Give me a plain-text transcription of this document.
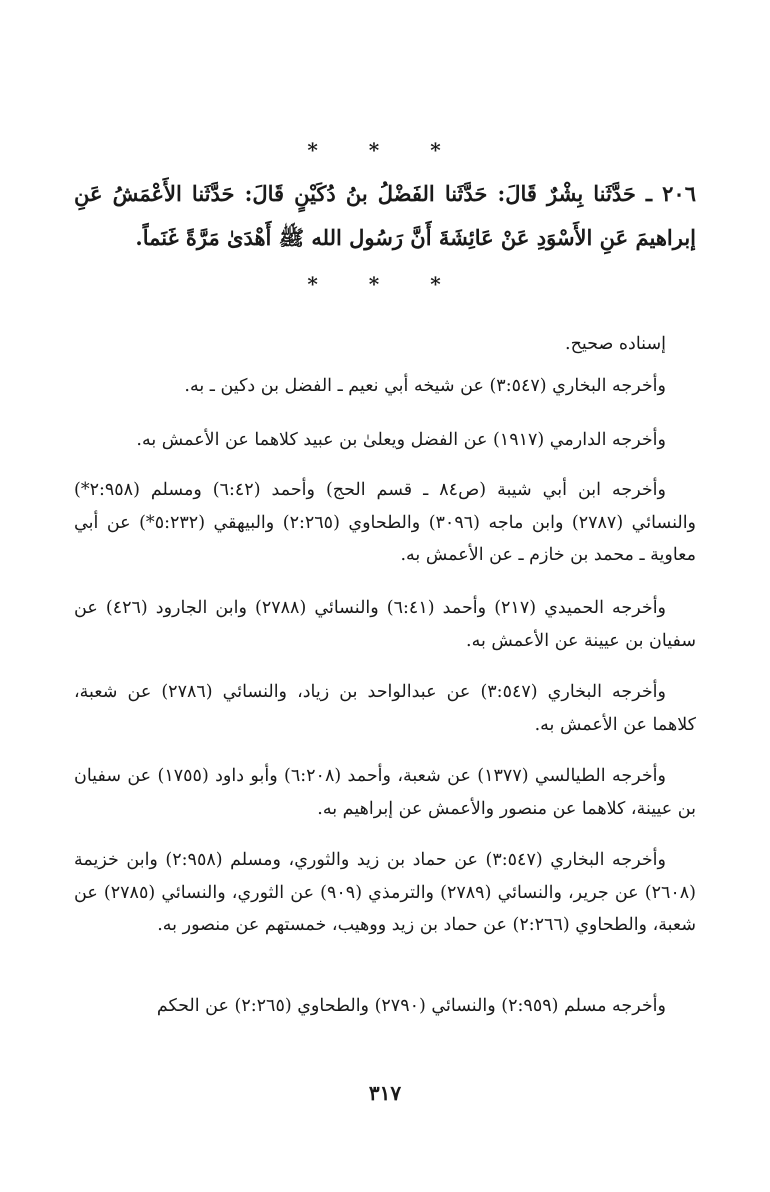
* * *
٢٠٦ ـ حَدَّثَنا بِشْرٌ قَالَ: حَدَّثَنا الفَضْلُ بنُ دُكَيْنٍ قَالَ: حَدَّثَنا الأَعْمَشُ عَنِ إبراهيمَ عَنِ الأَسْوَدِ عَنْ عَائِشَةَ أَنَّ رَسُول الله ﷺ أَهْدَىٰ مَرَّةً غَنَماً.
* * *

إسناده صحيح.

وأخرجه البخاري (٣:٥٤٧) عن شيخه أبي نعيم ـ الفضل بن دكين ـ به.

وأخرجه الدارمي (١٩١٧) عن الفضل ويعلىٰ بن عبيد كلاهما عن الأعمش به.

وأخرجه ابن أبي شيبة (ص٨٤ ـ قسم الحج) وأحمد (٦:٤٢) ومسلم (٢:٩٥٨*) والنسائي (٢٧٨٧) وابن ماجه (٣٠٩٦) والطحاوي (٢:٢٦٥) والبيهقي (٥:٢٣٢*) عن أبي معاوية ـ محمد بن خازم ـ عن الأعمش به.

وأخرجه الحميدي (٢١٧) وأحمد (٦:٤١) والنسائي (٢٧٨٨) وابن الجارود (٤٢٦) عن سفيان بن عيينة عن الأعمش به.

وأخرجه البخاري (٣:٥٤٧) عن عبدالواحد بن زياد، والنسائي (٢٧٨٦) عن شعبة، كلاهما عن الأعمش به.

وأخرجه الطيالسي (١٣٧٧) عن شعبة، وأحمد (٦:٢٠٨) وأبو داود (١٧٥٥) عن سفيان بن عيينة، كلاهما عن منصور والأعمش عن إبراهيم به.

وأخرجه البخاري (٣:٥٤٧) عن حماد بن زيد والثوري، ومسلم (٢:٩٥٨) وابن خزيمة (٢٦٠٨) عن جرير، والنسائي (٢٧٨٩) والترمذي (٩٠٩) عن الثوري، والنسائي (٢٧٨٥) عن شعبة، والطحاوي (٢:٢٦٦) عن حماد بن زيد ووهيب، خمستهم عن منصور به.

وأخرجه مسلم (٢:٩٥٩) والنسائي (٢٧٩٠) والطحاوي (٢:٢٦٥) عن الحكم

٣١٧
